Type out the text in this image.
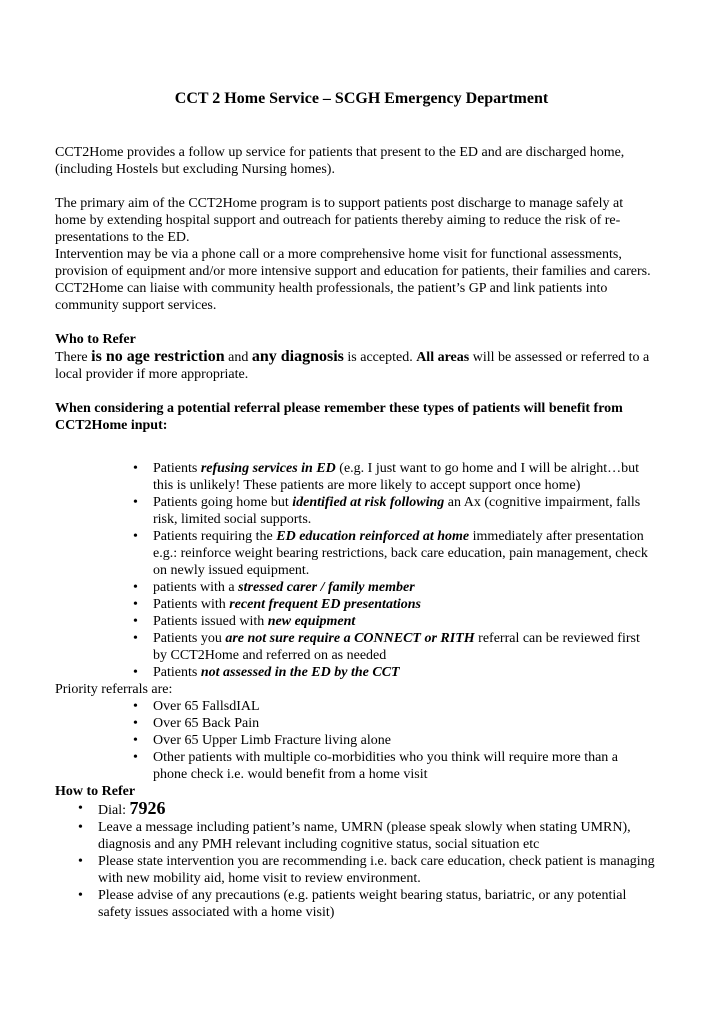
CCT 2 Home Service – SCGH Emergency Department

CCT2Home provides a follow up service for patients that present to the ED and are discharged home, (including Hostels but excluding Nursing homes).

The primary aim of the CCT2Home program is to support patients post discharge to manage safely at home by extending hospital support and outreach for patients thereby aiming to reduce the risk of re-presentations to the ED.

Intervention may be via a phone call or a more comprehensive home visit for functional assessments, provision of equipment and/or more intensive support and education for patients, their families and carers. CCT2Home can liaise with community health professionals, the patient’s GP and link patients into community support services.

Who to Refer

There is no age restriction and any diagnosis is accepted. All areas will be assessed or referred to a local provider if more appropriate.

When considering a potential referral please remember these types of patients will benefit from CCT2Home input:

• Patients refusing services in ED (e.g. I just want to go home and I will be alright…but this is unlikely! These patients are more likely to accept support once home)
• Patients going home but identified at risk following an Ax (cognitive impairment, falls risk, limited social supports.
• Patients requiring the ED education reinforced at home immediately after presentation e.g.: reinforce weight bearing restrictions, back care education, pain management, check on newly issued equipment.
• patients with a stressed carer / family member
• Patients with recent frequent ED presentations
• Patients issued with new equipment
• Patients you are not sure require a CONNECT or RITH referral can be reviewed first by CCT2Home and referred on as needed
• Patients not assessed in the ED by the CCT

Priority referrals are:

• Over 65 FallsdIAL
• Over 65 Back Pain
• Over 65 Upper Limb Fracture living alone
• Other patients with multiple co-morbidities who you think will require more than a phone check i.e. would benefit from a home visit

How to Refer

• Dial: 7926
• Leave a message including patient’s name, UMRN (please speak slowly when stating UMRN), diagnosis and any PMH relevant including cognitive status, social situation etc
• Please state intervention you are recommending i.e. back care education, check patient is managing with new mobility aid, home visit to review environment.
• Please advise of any precautions (e.g. patients weight bearing status, bariatric, or any potential safety issues associated with a home visit)
